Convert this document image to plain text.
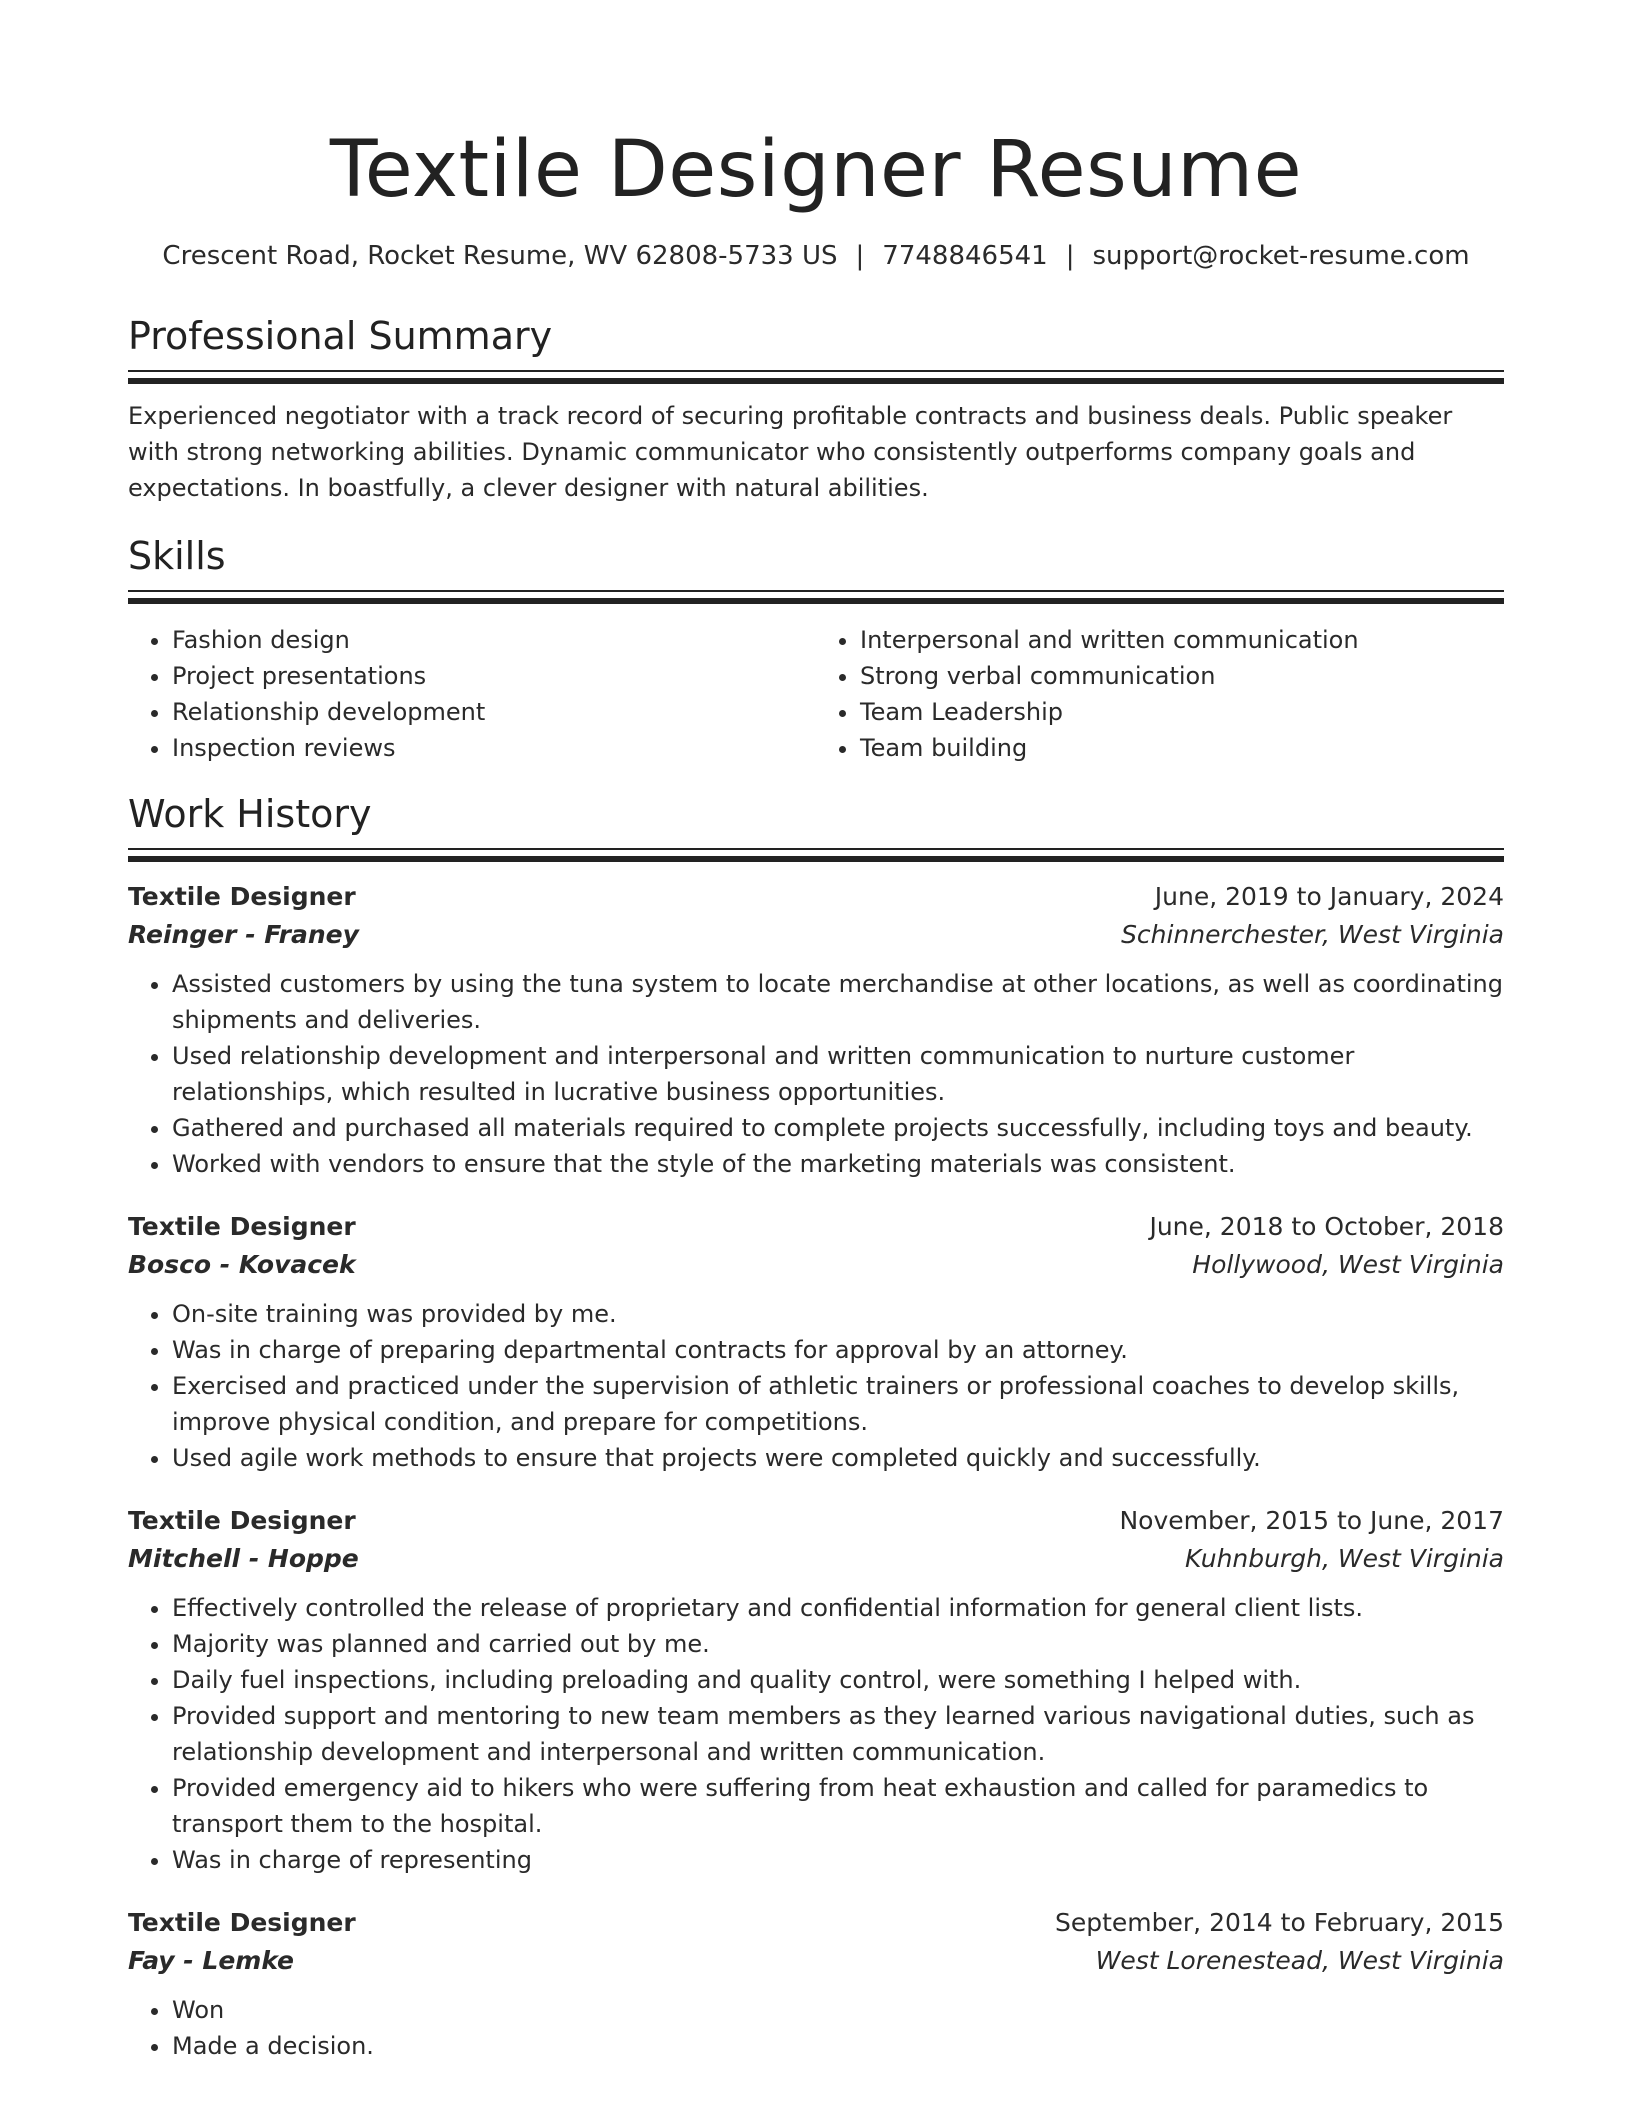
Textile Designer Resume
Crescent Road, Rocket Resume, WV 62808-5733 US | 7748846541 | support@rocket-resume.com
Professional Summary

Experienced negotiator with a track record of securing profitable contracts and business deals. Public speaker with strong networking abilities. Dynamic communicator who consistently outperforms company goals and expectations. In boastfully, a clever designer with natural abilities.

Skills
• Fashion design
• Project presentations
• Relationship development
• Inspection reviews
• Interpersonal and written communication
• Strong verbal communication
• Team Leadership
• Team building
Work History
Textile Designer	June, 2019 to January, 2024
Reinger - Franey	Schinnerchester, West Virginia
• Assisted customers by using the tuna system to locate merchandise at other locations, as well as coordinating shipments and deliveries.
• Used relationship development and interpersonal and written communication to nurture customer relationships, which resulted in lucrative business opportunities.
• Gathered and purchased all materials required to complete projects successfully, including toys and beauty.
• Worked with vendors to ensure that the style of the marketing materials was consistent.
Textile Designer	June, 2018 to October, 2018
Bosco - Kovacek	Hollywood, West Virginia
• On-site training was provided by me.
• Was in charge of preparing departmental contracts for approval by an attorney.
• Exercised and practiced under the supervision of athletic trainers or professional coaches to develop skills, improve physical condition, and prepare for competitions.
• Used agile work methods to ensure that projects were completed quickly and successfully.
Textile Designer	November, 2015 to June, 2017
Mitchell - Hoppe	Kuhnburgh, West Virginia
• Effectively controlled the release of proprietary and confidential information for general client lists.
• Majority was planned and carried out by me.
• Daily fuel inspections, including preloading and quality control, were something I helped with.
• Provided support and mentoring to new team members as they learned various navigational duties, such as relationship development and interpersonal and written communication.
• Provided emergency aid to hikers who were suffering from heat exhaustion and called for paramedics to transport them to the hospital.
• Was in charge of representing
Textile Designer	September, 2014 to February, 2015
Fay - Lemke	West Lorenestead, West Virginia
• Won
• Made a decision.
